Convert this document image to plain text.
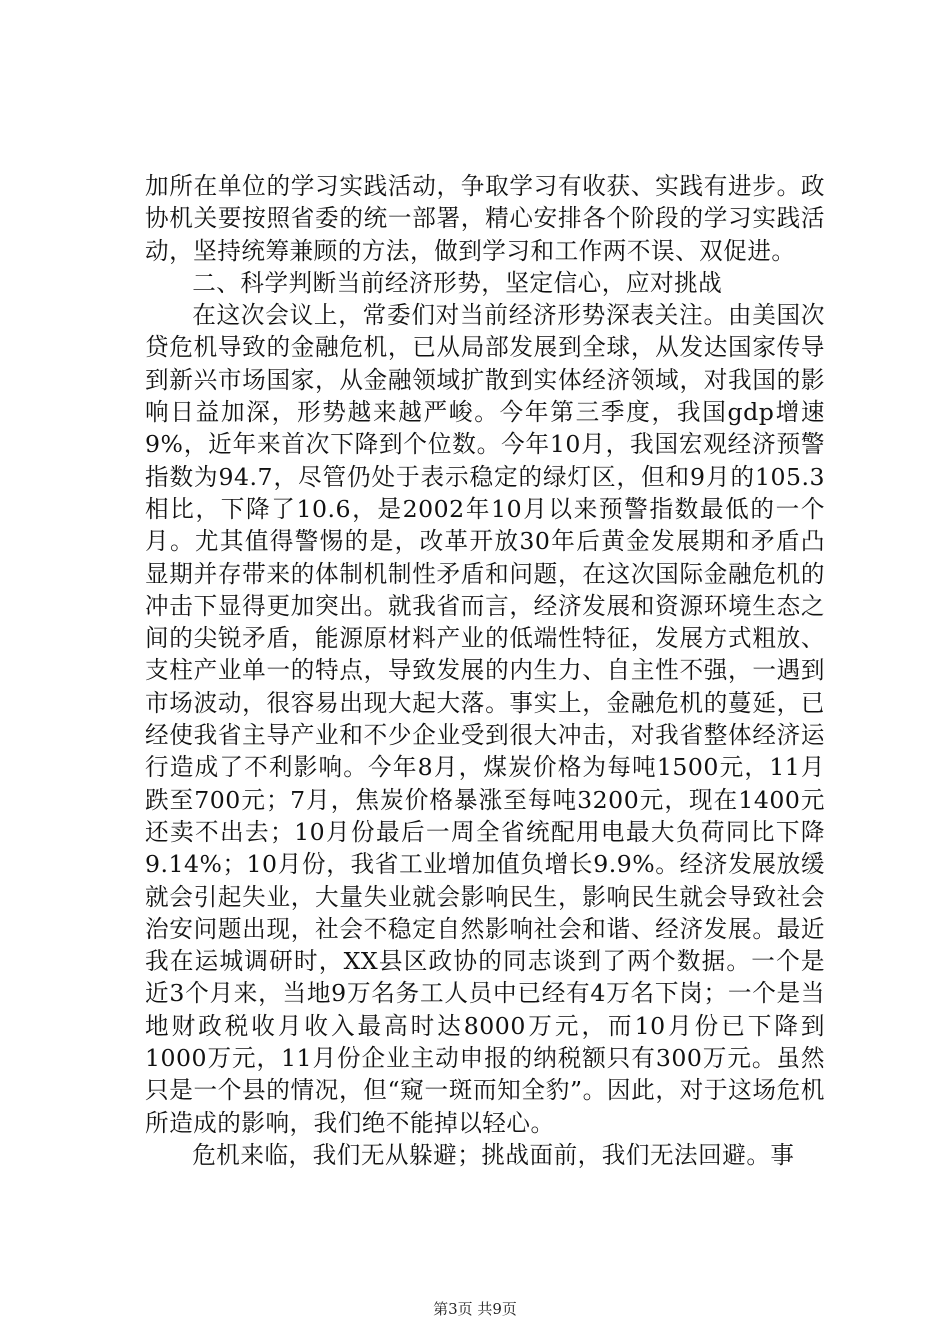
加所在单位的学习实践活动，争取学习有收获、实践有进步。政协机关要按照省委的统一部署，精心安排各个阶段的学习实践活动，坚持统筹兼顾的方法，做到学习和工作两不误、双促进。

二、科学判断当前经济形势，坚定信心，应对挑战

在这次会议上，常委们对当前经济形势深表关注。由美国次贷危机导致的金融危机，已从局部发展到全球，从发达国家传导到新兴市场国家，从金融领域扩散到实体经济领域，对我国的影响日益加深，形势越来越严峻。今年第三季度，我国gdp增速9%，近年来首次下降到个位数。今年10月，我国宏观经济预警指数为94.7，尽管仍处于表示稳定的绿灯区，但和9月的105.3相比，下降了10.6，是2002年10月以来预警指数最低的一个月。尤其值得警惕的是，改革开放30年后黄金发展期和矛盾凸显期并存带来的体制机制性矛盾和问题，在这次国际金融危机的冲击下显得更加突出。就我省而言，经济发展和资源环境生态之间的尖锐矛盾，能源原材料产业的低端性特征，发展方式粗放、支柱产业单一的特点，导致发展的内生力、自主性不强，一遇到市场波动，很容易出现大起大落。事实上，金融危机的蔓延，已经使我省主导产业和不少企业受到很大冲击，对我省整体经济运行造成了不利影响。今年8月，煤炭价格为每吨1500元，11月跌至700元；7月，焦炭价格暴涨至每吨3200元，现在1400元还卖不出去；10月份最后一周全省统配用电最大负荷同比下降9.14%；10月份，我省工业增加值负增长9.9%。经济发展放缓就会引起失业，大量失业就会影响民生，影响民生就会导致社会治安问题出现，社会不稳定自然影响社会和谐、经济发展。最近我在运城调研时，XX县区政协的同志谈到了两个数据。一个是近3个月来，当地9万名务工人员中已经有4万名下岗；一个是当地财政税收月收入最高时达8000万元，而10月份已下降到1000万元，11月份企业主动申报的纳税额只有300万元。虽然只是一个县的情况，但“窥一斑而知全豹”。因此，对于这场危机所造成的影响，我们绝不能掉以轻心。

危机来临，我们无从躲避；挑战面前，我们无法回避。事

第3页 共9页
